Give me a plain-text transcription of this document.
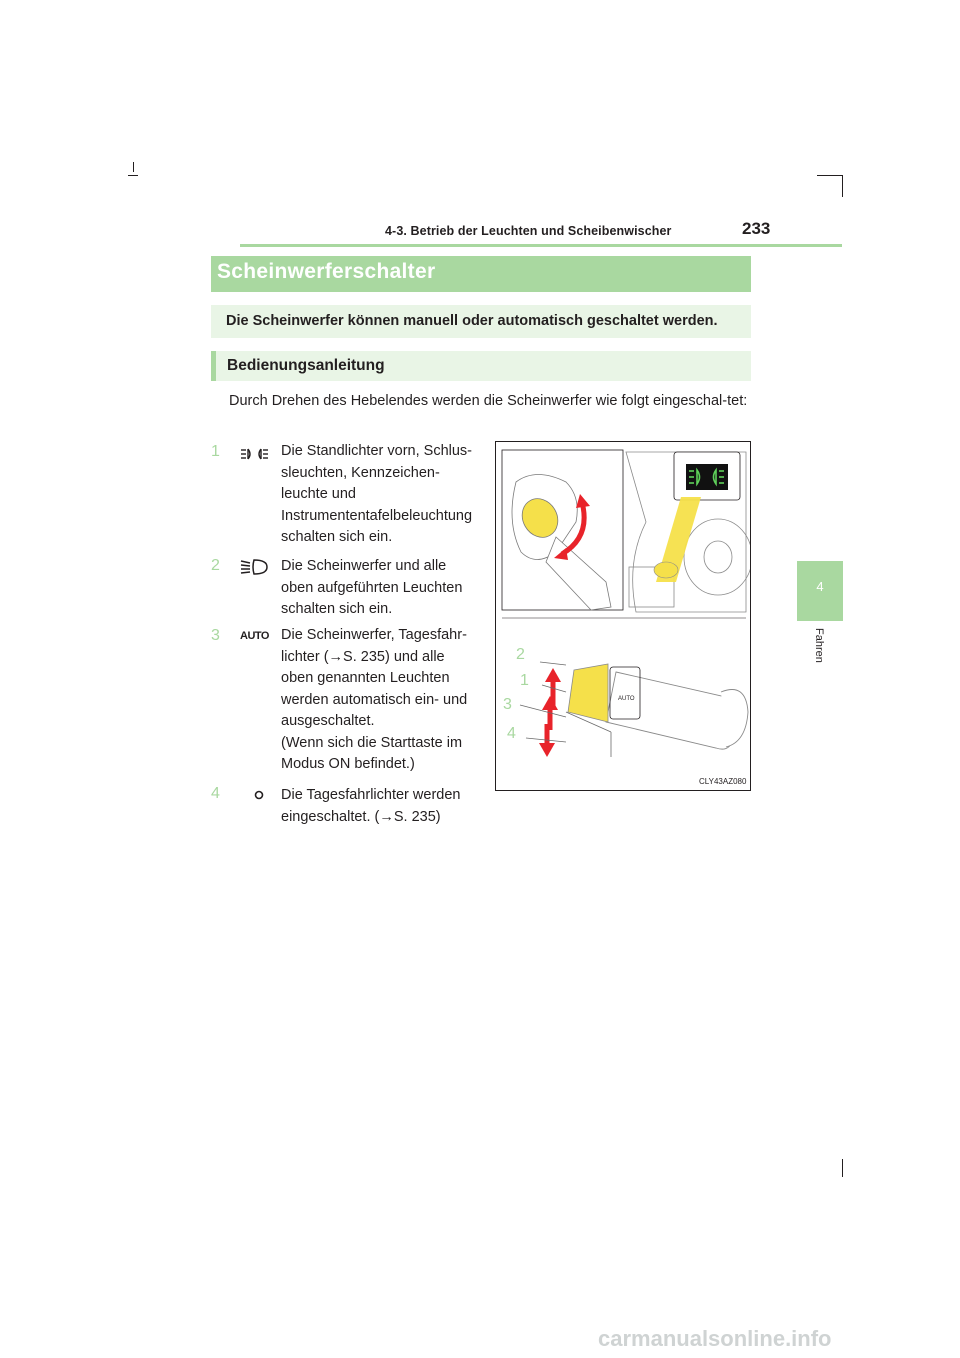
4-3. Betrieb der Leuchten und Scheibenwischer	233
4
Fahren
Scheinwerferschalter

Die Scheinwerfer können manuell oder automatisch geschaltet werden.

Bedienungsanleitung
Durch Drehen des Hebelendes werden die Scheinwerfer wie folgt eingeschal-tet:
1	Die Standlichter vorn, Schlus-
sleuchten, Kennzeichen-
leuchte und
Instrumententafelbeleuchtung
schalten sich ein.
2	Die Scheinwerfer und alle
oben aufgeführten Leuchten
schalten sich ein.
3 AUTO Die Scheinwerfer, Tagesfahr-
lichter (→S. 235) und alle
oben genannten Leuchten
werden automatisch ein- und
ausgeschaltet.
(Wenn sich die Starttaste im
Modus ON befindet.)
4	Die Tagesfahrlichter werden
eingeschaltet. (→S. 235)
AUTO
2
1
3
4
CLY43AZ080
carmanualsonline.info
